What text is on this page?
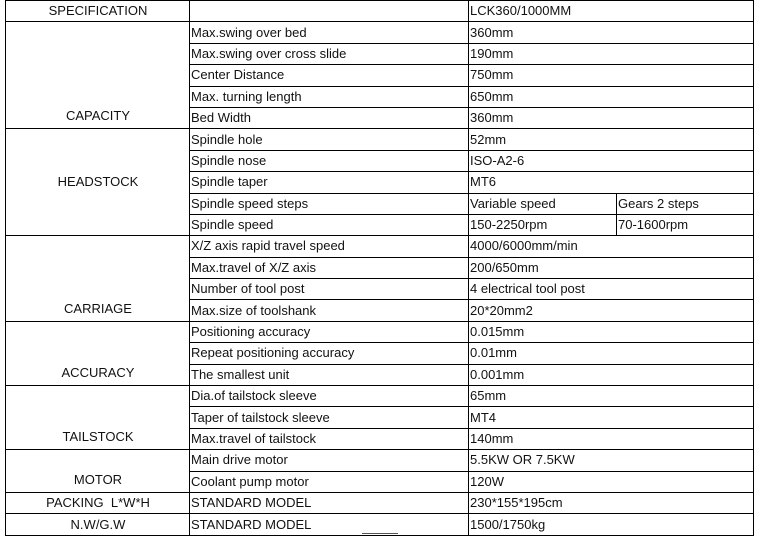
SPECIFICATION		LCK360/1000MM	
CAPACITY	Max.swing over bed	360mm	
	Max.swing over cross slide	190mm	
	Center Distance	750mm	
	Max. turning length	650mm	
	Bed Width	360mm	
HEADSTOCK	Spindle hole	52mm	
	Spindle nose	ISO-A2-6	
	Spindle taper	MT6	
	Spindle speed steps	Variable speed	Gears 2 steps
	Spindle speed	150-2250rpm	70-1600rpm
CARRIAGE	X/Z axis rapid travel speed	4000/6000mm/min	
	Max.travel of X/Z axis	200/650mm	
	Number of tool post	4 electrical tool post	
	Max.size of toolshank	20*20mm2	
ACCURACY	Positioning accuracy	0.015mm	
	Repeat positioning accuracy	0.01mm	
	The smallest unit	0.001mm	
TAILSTOCK	Dia.of tailstock sleeve	65mm	
	Taper of tailstock sleeve	MT4	
	Max.travel of tailstock	140mm	
MOTOR	Main drive motor	5.5KW OR 7.5KW	
	Coolant pump motor	120W	
PACKING  L*W*H	STANDARD MODEL	230*155*195cm	
N.W/G.W	STANDARD MODEL	1500/1750kg	
